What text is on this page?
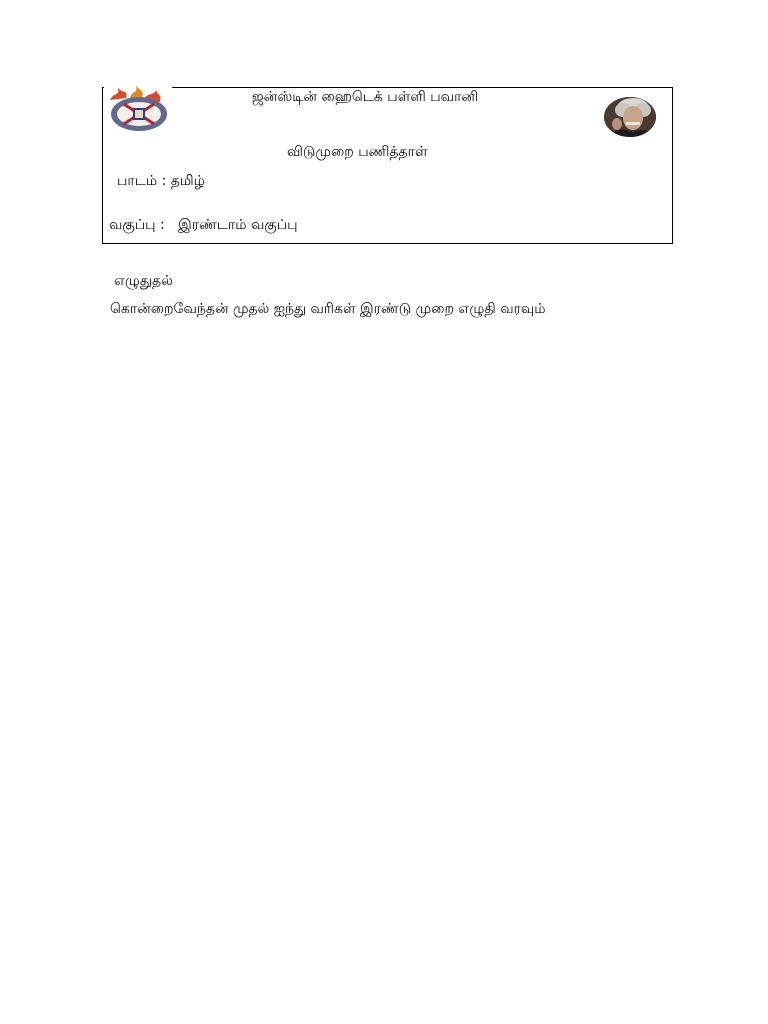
ஜன்ஸ்டின் ஹைடெக் பள்ளி பவானி
விடுமுறை பணித்தாள்
பாடம் : தமிழ்
வகுப்பு : இரண்டாம் வகுப்பு
எழுதுதல்
கொன்றைவேந்தன் முதல் ஐந்து வரிகள் இரண்டு முறை எழுதி வரவும்
